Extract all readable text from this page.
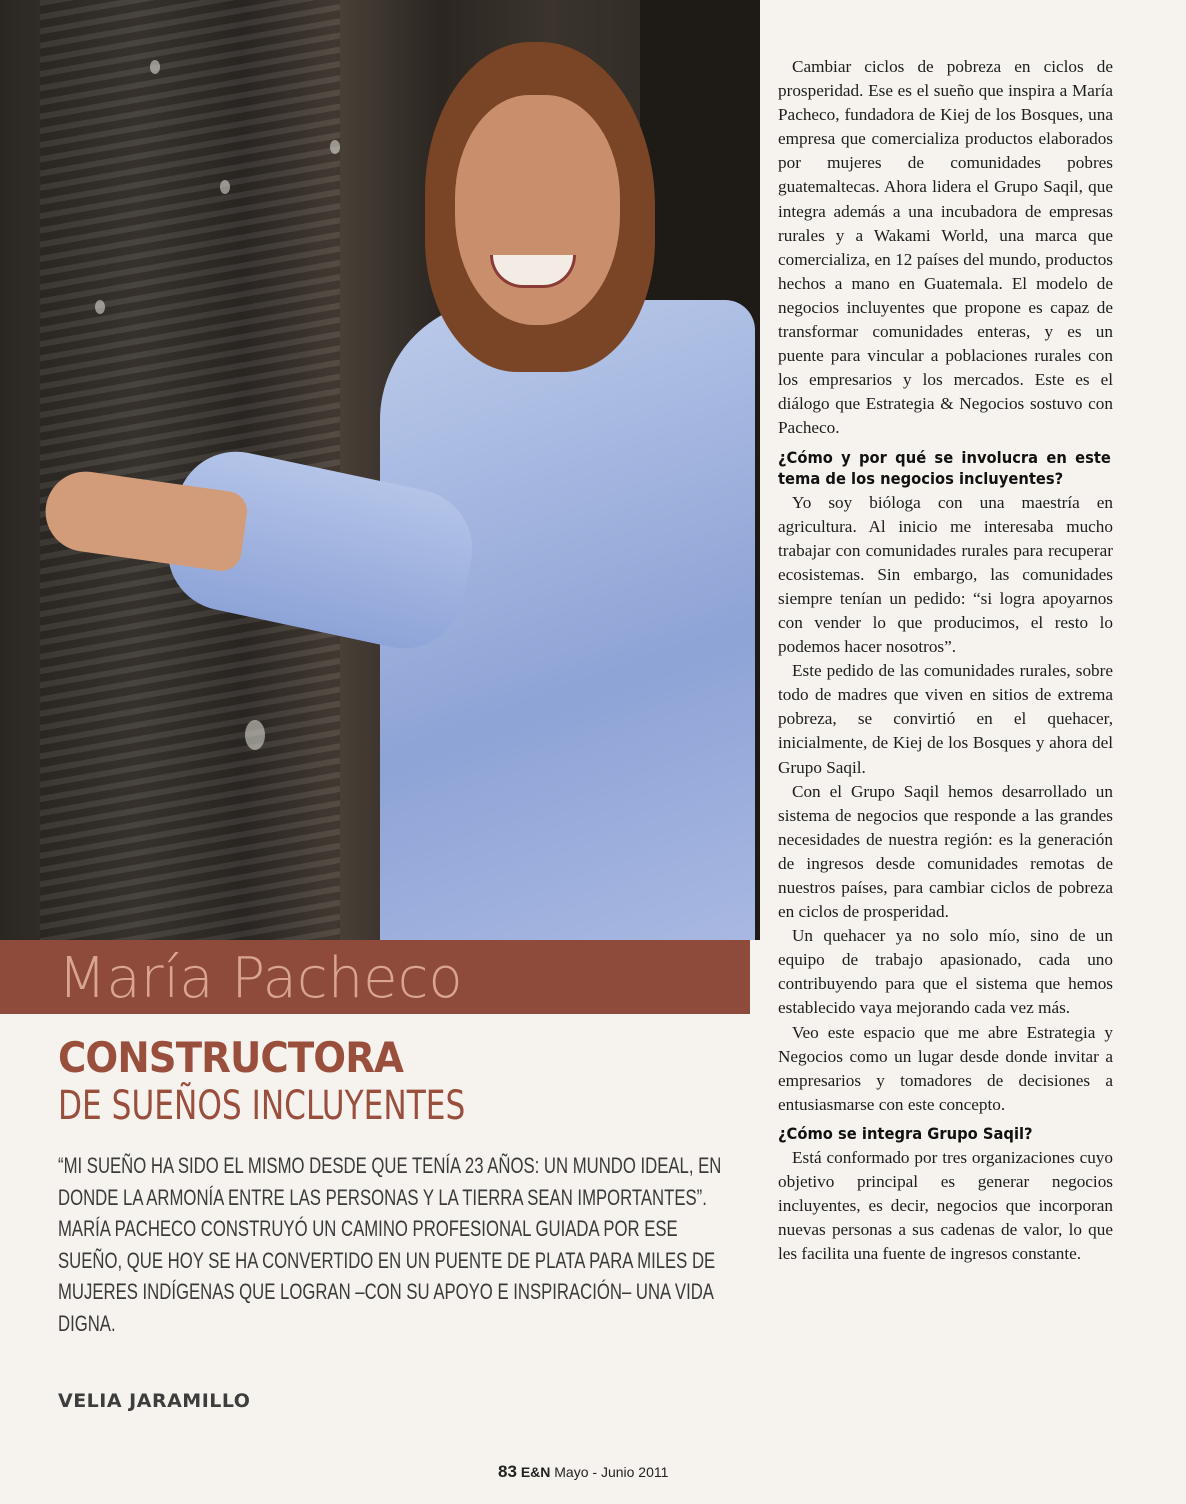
María Pacheco
CONSTRUCTORA
DE SUEÑOS INCLUYENTES
“MI SUEÑO HA SIDO EL MISMO DESDE QUE TENÍA 23 AÑOS: UN MUNDO IDEAL, EN DONDE LA ARMONÍA ENTRE LAS PERSONAS Y LA TIERRA SEAN IMPORTANTES”. MARÍA PACHECO CONSTRUYÓ UN CAMINO PROFESIONAL GUIADA POR ESE SUEÑO, QUE HOY SE HA CONVERTIDO EN UN PUENTE DE PLATA PARA MILES DE MUJERES INDÍGENAS QUE LOGRAN –CON SU APOYO E INSPIRACIÓN– UNA VIDA DIGNA.
VELIA JARAMILLO

Cambiar ciclos de pobreza en ciclos de prosperidad. Ese es el sueño que inspira a María Pacheco, fundadora de Kiej de los Bosques, una empresa que comercializa productos elaborados por mujeres de comunidades pobres guatemaltecas. Ahora lidera el Grupo Saqil, que integra además a una incubadora de empresas rurales y a Wakami World, una marca que comercializa, en 12 países del mundo, productos hechos a mano en Guatemala. El modelo de negocios incluyentes que propone es capaz de transformar comunidades enteras, y es un puente para vincular a poblaciones rurales con los empresarios y los mercados. Este es el diálogo que Estrategia & Negocios sostuvo con Pacheco.

¿Cómo y por qué se involucra en este tema de los negocios incluyentes?

Yo soy bióloga con una maestría en agricultura. Al inicio me interesaba mucho trabajar con comunidades rurales para recuperar ecosistemas. Sin embargo, las comunidades siempre tenían un pedido: “si logra apoyarnos con vender lo que producimos, el resto lo podemos hacer nosotros”.

Este pedido de las comunidades rurales, sobre todo de madres que viven en sitios de extrema pobreza, se convirtió en el quehacer, inicialmente, de Kiej de los Bosques y ahora del Grupo Saqil.

Con el Grupo Saqil hemos desarrollado un sistema de negocios que responde a las grandes necesidades de nuestra región: es la generación de ingresos desde comunidades remotas de nuestros países, para cambiar ciclos de pobreza en ciclos de prosperidad.

Un quehacer ya no solo mío, sino de un equipo de trabajo apasionado, cada uno contribuyendo para que el sistema que hemos establecido vaya mejorando cada vez más.

Veo este espacio que me abre Estrategia y Negocios como un lugar desde donde invitar a empresarios y tomadores de decisiones a entusiasmarse con este concepto.

¿Cómo se integra Grupo Saqil?

Está conformado por tres organizaciones cuyo objetivo principal es generar negocios incluyentes, es decir, negocios que incorporan nuevas personas a sus cadenas de valor, lo que les facilita una fuente de ingresos constante.

83 E&N Mayo - Junio 2011
